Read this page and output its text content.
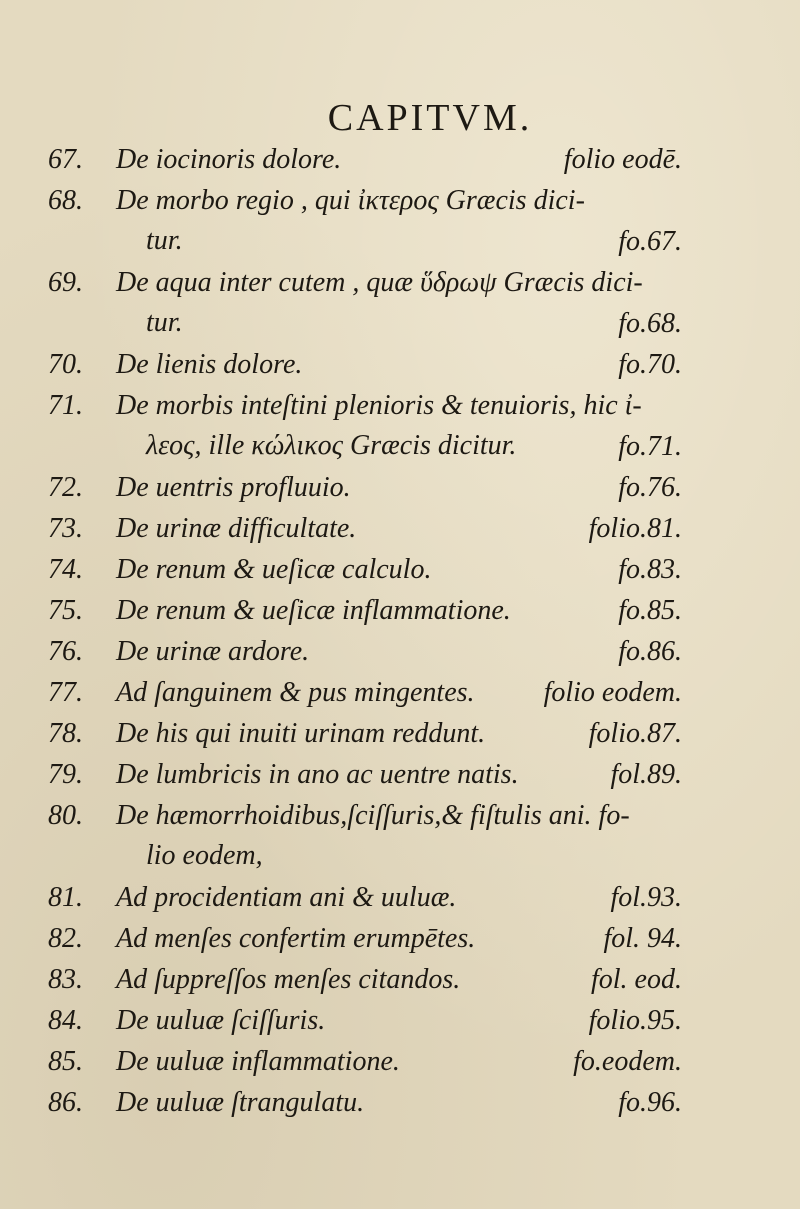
CAPITVM.
67. De iocinoris dolore.	folio eodē.
68. De morbo regio , qui ἰκτερος Græcis dici-
tur.	fo.67.
69. De aqua inter cutem , quæ ὕδρωψ Græcis dici-
tur.	fo.68.
70. De lienis dolore.	fo.70.
71. De morbis inteſtini plenioris & tenuioris, hic ἰ-
λεος, ille κώλικος Græcis dicitur.	fo.71.
72. De uentris profluuio.	fo.76.
73. De urinæ difficultate.	folio.81.
74. De renum & ueſicæ calculo.	fo.83.
75. De renum & ueſicæ inflammatione.	fo.85.
76. De urinæ ardore.	fo.86.
77. Ad ſanguinem & pus mingentes.	folio eodem.
78. De his qui inuiti urinam reddunt.	folio.87.
79. De lumbricis in ano ac uentre natis.	fol.89.
80. De hæmorrhoidibus,ſciſſuris,& fiſtulis ani. fo-
lio eodem,
81. Ad procidentiam ani & uuluæ.	fol.93.
82. Ad menſes confertim erumpētes.	fol. 94.
83. Ad ſuppreſſos menſes citandos.	fol. eod.
84. De uuluæ ſciſſuris.	folio.95.
85. De uuluæ inflammatione.	fo.eodem.
86. De uuluæ ſtrangulatu.	fo.96.
